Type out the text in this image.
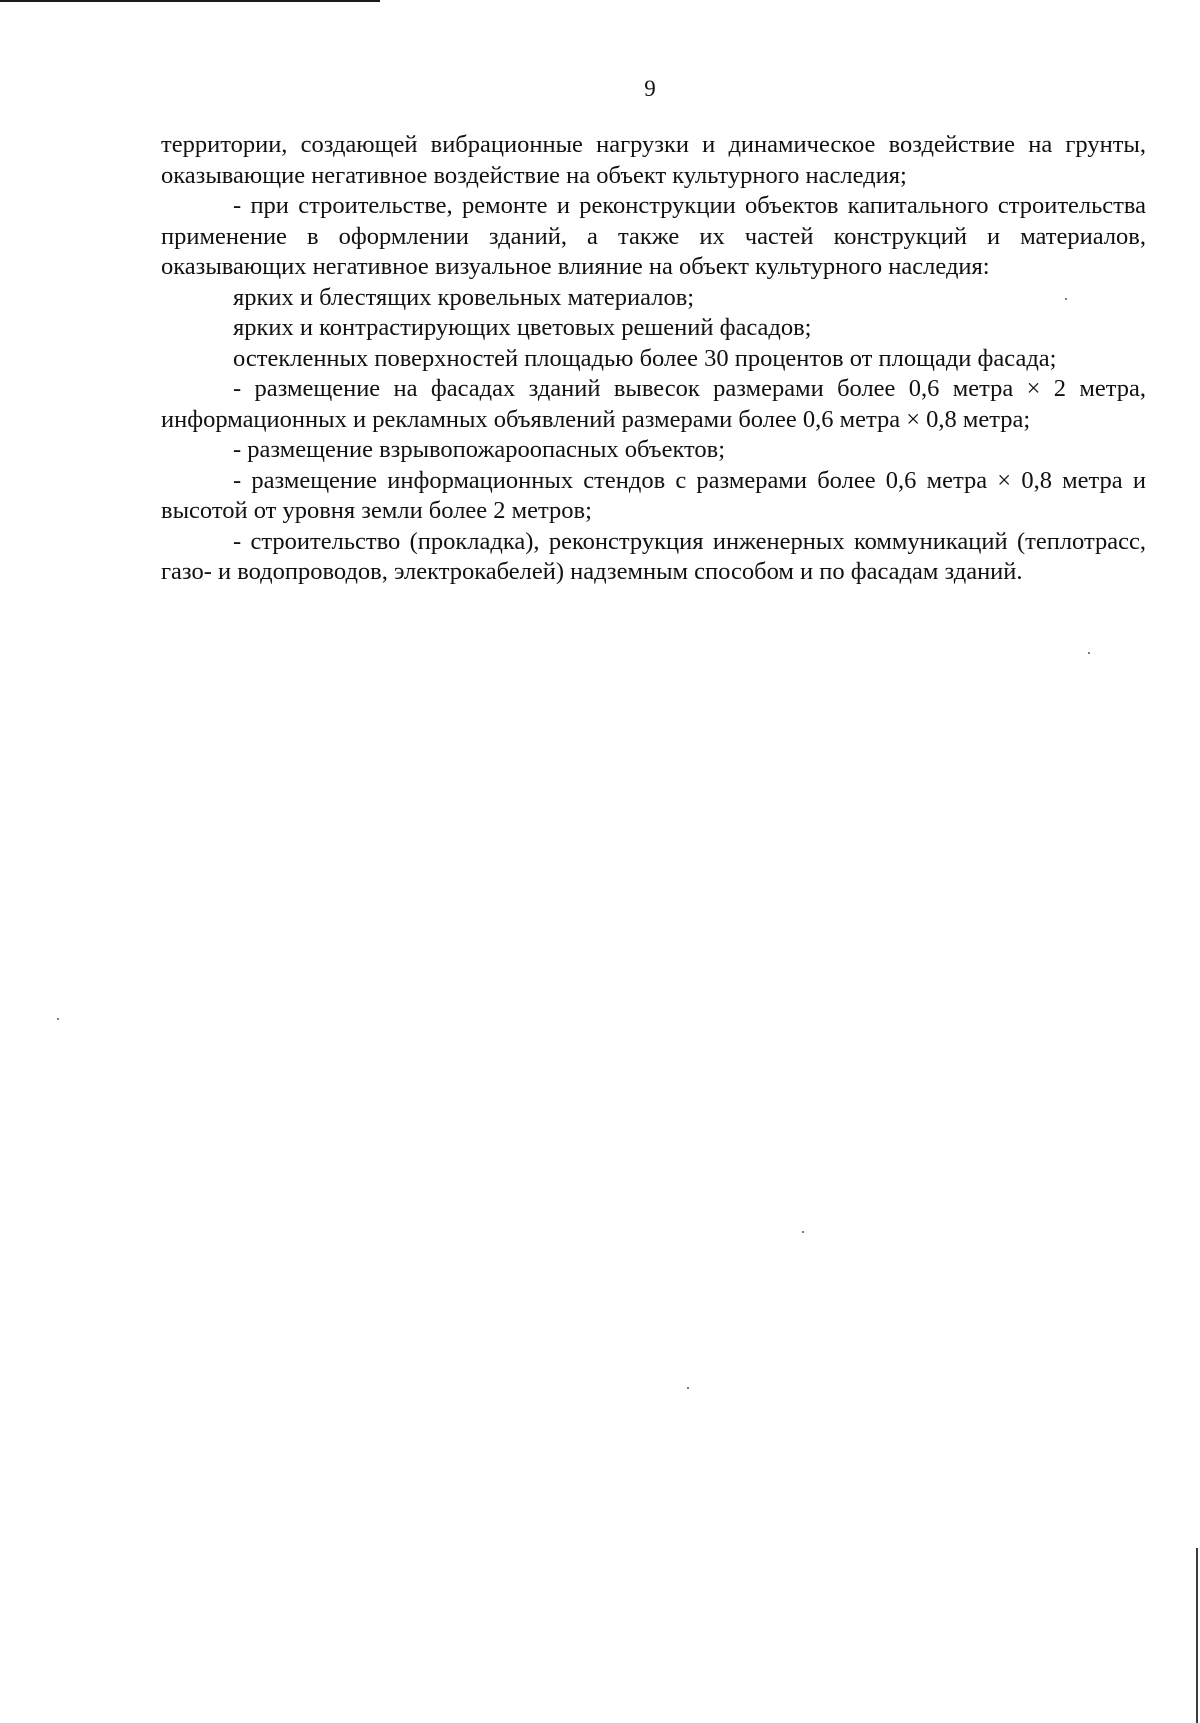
9

территории, создающей вибрационные нагрузки и динамическое воздействие на грунты, оказывающие негативное воздействие на объект культурного наследия;

- при строительстве, ремонте и реконструкции объектов капитального строительства применение в оформлении зданий, а также их частей конструкций и материалов, оказывающих негативное визуальное влияние на объект культурного наследия:

ярких и блестящих кровельных материалов;

ярких и контрастирующих цветовых решений фасадов;

остекленных поверхностей площадью более 30 процентов от площади фасада;

- размещение на фасадах зданий вывесок размерами более 0,6 метра × 2 метра, информационных и рекламных объявлений размерами более 0,6 метра × 0,8 метра;

- размещение взрывопожароопасных объектов;

- размещение информационных стендов с размерами более 0,6 метра × 0,8 метра и высотой от уровня земли более 2 метров;

- строительство (прокладка), реконструкция инженерных коммуникаций (теплотрасс, газо- и водопроводов, электрокабелей) надземным способом и по фасадам зданий.
